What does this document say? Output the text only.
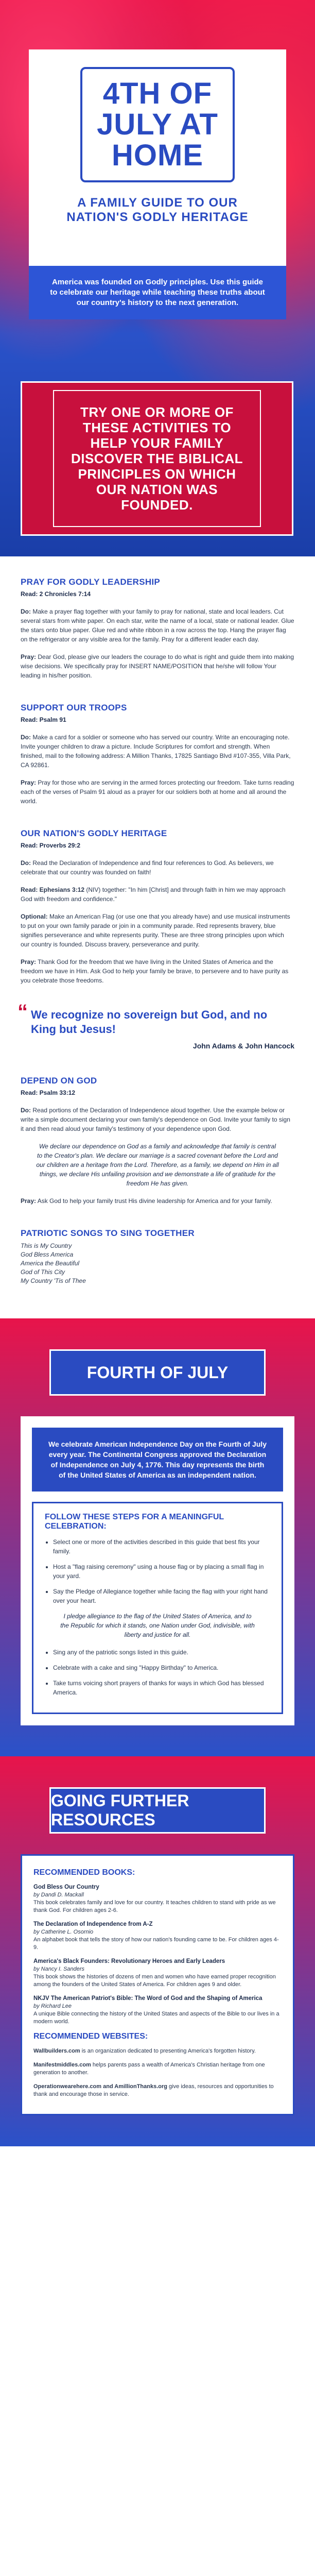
4TH OF
JULY AT
HOME
A FAMILY GUIDE TO OUR NATION'S GODLY HERITAGE
America was founded on Godly principles. Use this guide to celebrate our heritage while teaching these truths about our country's history to the next generation.
TRY ONE OR MORE OF THESE ACTIVITIES TO HELP YOUR FAMILY DISCOVER THE BIBLICAL PRINCIPLES ON WHICH OUR NATION WAS FOUNDED.
PRAY FOR GODLY LEADERSHIP
Read: 2 Chronicles 7:14

Do: Make a prayer flag together with your family to pray for national, state and local leaders. Cut several stars from white paper. On each star, write the name of a local, state or national leader. Glue the stars onto blue paper. Glue red and white ribbon in a row across the top. Hang the prayer flag on the refrigerator or any visible area for the family. Pray for a different leader each day.

Pray: Dear God, please give our leaders the courage to do what is right and guide them into making wise decisions. We specifically pray for INSERT NAME/POSITION that he/she will follow Your leading in his/her position.

SUPPORT OUR TROOPS
Read: Psalm 91

Do: Make a card for a soldier or someone who has served our country. Write an encouraging note. Invite younger children to draw a picture. Include Scriptures for comfort and strength. When finished, mail to the following address: A Million Thanks, 17825 Santiago Blvd #107-355, Villa Park, CA 92861.

Pray: Pray for those who are serving in the armed forces protecting our freedom. Take turns reading each of the verses of Psalm 91 aloud as a prayer for our soldiers both at home and all around the world.

OUR NATION'S GODLY HERITAGE
Read: Proverbs 29:2

Do: Read the Declaration of Independence and find four references to God. As believers, we celebrate that our country was founded on faith!

Read: Ephesians 3:12 (NIV) together: "In him [Christ] and through faith in him we may approach God with freedom and confidence."

Optional: Make an American Flag (or use one that you already have) and use musical instruments to put on your own family parade or join in a community parade. Red represents bravery, blue signifies perseverance and white represents purity. These are three strong principles upon which our country is founded. Discuss bravery, perseverance and purity.

Pray: Thank God for the freedom that we have living in the United States of America and the freedom we have in Him. Ask God to help your family be brave, to persevere and to have purity as you celebrate those freedoms.

“ We recognize no sovereign but God, and no King but Jesus!
John Adams & John Hancock
DEPEND ON GOD
Read: Psalm 33:12

Do: Read portions of the Declaration of Independence aloud together. Use the example below or write a simple document declaring your own family's dependence on God. Invite your family to sign it and then read aloud your family's testimony of your dependence upon God.

We declare our dependence on God as a family and acknowledge that family is central to the Creator's plan. We declare our marriage is a sacred covenant before the Lord and our children are a heritage from the Lord. Therefore, as a family, we depend on Him in all things, we declare His unfailing provision and we demonstrate a life of gratitude for the freedom He has given.

Pray: Ask God to help your family trust His divine leadership for America and for your family.

PATRIOTIC SONGS TO SING TOGETHER
This is My Country
God Bless America
America the Beautiful
God of This City
My Country 'Tis of Thee
FOURTH OF JULY
We celebrate American Independence Day on the Fourth of July every year. The Continental Congress approved the Declaration of Independence on July 4, 1776. This day represents the birth of the United States of America as an independent nation.
FOLLOW THESE STEPS FOR A MEANINGFUL CELEBRATION:
• Select one or more of the activities described in this guide that best fits your family.
• Host a "flag raising ceremony" using a house flag or by placing a small flag in your yard.
• Say the Pledge of Allegiance together while facing the flag with your right hand over your heart.

I pledge allegiance to the flag of the United States of America, and to the Republic for which it stands, one Nation under God, indivisible, with liberty and justice for all.

• Sing any of the patriotic songs listed in this guide.
• Celebrate with a cake and sing "Happy Birthday" to America.
• Take turns voicing short prayers of thanks for ways in which God has blessed America.
GOING FURTHER RESOURCES
RECOMMENDED BOOKS:
God Bless Our Country
by Dandi D. Mackall
This book celebrates family and love for our country. It teaches children to stand with pride as we thank God. For children ages 2-6.
The Declaration of Independence from A-Z
by Catherine L. Osornio
An alphabet book that tells the story of how our nation's founding came to be. For children ages 4-9.
America's Black Founders: Revolutionary Heroes and Early Leaders
by Nancy I. Sanders
This book shows the histories of dozens of men and women who have earned proper recognition among the founders of the United States of America. For children ages 9 and older.
NKJV The American Patriot's Bible: The Word of God and the Shaping of America
by Richard Lee
A unique Bible connecting the history of the United States and aspects of the Bible to our lives in a modern world.
RECOMMENDED WEBSITES:
Wallbuilders.com is an organization dedicated to presenting America's forgotten history.
Manifestmiddles.com helps parents pass a wealth of America's Christian heritage from one generation to another.
Operationwearehere.com and AmillionThanks.org give ideas, resources and opportunities to thank and encourage those in service.
